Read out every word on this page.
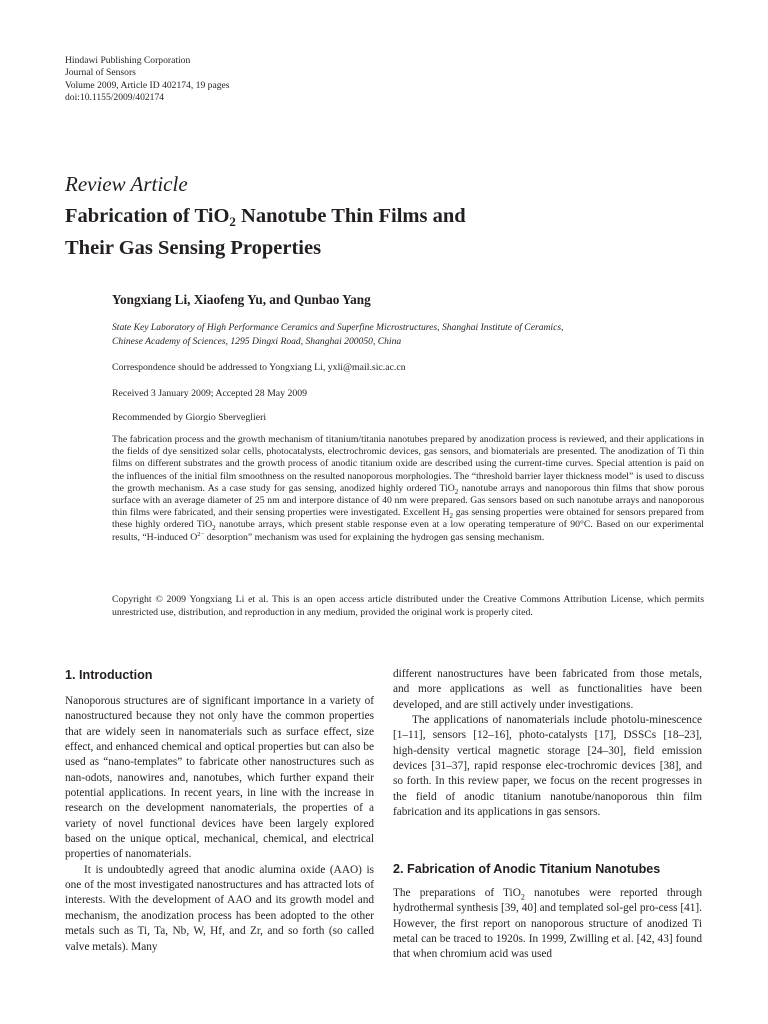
Hindawi Publishing Corporation
Journal of Sensors
Volume 2009, Article ID 402174, 19 pages
doi:10.1155/2009/402174
Review Article
Fabrication of TiO$_2$ Nanotube Thin Films and
Their Gas Sensing Properties
Yongxiang Li, Xiaofeng Yu, and Qunbao Yang
State Key Laboratory of High Performance Ceramics and Superfine Microstructures, Shanghai Institute of Ceramics,
Chinese Academy of Sciences, 1295 Dingxi Road, Shanghai 200050, China
Correspondence should be addressed to Yongxiang Li, yxli@mail.sic.ac.cn
Received 3 January 2009; Accepted 28 May 2009
Recommended by Giorgio Sberveglieri
The fabrication process and the growth mechanism of titanium/titania nanotubes prepared by anodization process is reviewed, and their applications in the fields of dye sensitized solar cells, photocatalysts, electrochromic devices, gas sensors, and biomaterials are presented. The anodization of Ti thin films on different substrates and the growth process of anodic titanium oxide are described using the current-time curves. Special attention is paid on the influences of the initial film smoothness on the resulted nanoporous morphologies. The “threshold barrier layer thickness model” is used to discuss the growth mechanism. As a case study for gas sensing, anodized highly ordered TiO$_2$ nanotube arrays and nanoporous thin films that show porous surface with an average diameter of 25 nm and interpore distance of 40 nm were prepared. Gas sensors based on such nanotube arrays and nanoporous thin films were fabricated, and their sensing properties were investigated. Excellent $H_2$ gas sensing properties were obtained for sensors prepared from these highly ordered TiO$_2$ nanotube arrays, which present stable response even at a low operating temperature of 90°C. Based on our experimental results, “H-induced $O^{2-}$ desorption” mechanism was used for explaining the hydrogen gas sensing mechanism.
Copyright © 2009 Yongxiang Li et al. This is an open access article distributed under the Creative Commons Attribution License, which permits unrestricted use, distribution, and reproduction in any medium, provided the original work is properly cited.
1. Introduction

Nanoporous structures are of significant importance in a variety of nanostructured because they not only have the common properties that are widely seen in nanomaterials such as surface effect, size effect, and enhanced chemical and optical properties but can also be used as “nano-templates” to fabricate other nanostructures such as nan-odots, nanowires and, nanotubes, which further expand their potential applications. In recent years, in line with the increase in research on the development nanomaterials, the properties of a variety of novel functional devices have been largely explored based on the unique optical, mechanical, chemical, and electrical properties of nanomaterials.

It is undoubtedly agreed that anodic alumina oxide (AAO) is one of the most investigated nanostructures and has attracted lots of interests. With the development of AAO and its growth model and mechanism, the anodization process has been adopted to the other metals such as Ti, Ta, Nb, W, Hf, and Zr, and so forth (so called valve metals). Many

different nanostructures have been fabricated from those metals, and more applications as well as functionalities have been developed, and are still actively under investigations.

The applications of nanomaterials include photolu-minescence [1–11], sensors [12–16], photo-catalysts [17], DSSCs [18–23], high-density vertical magnetic storage [24–30], field emission devices [31–37], rapid response elec-trochromic devices [38], and so forth. In this review paper, we focus on the recent progresses in the field of anodic titanium nanotube/nanoporous thin film fabrication and its applications in gas sensors.

2. Fabrication of Anodic Titanium Nanotubes

The preparations of TiO$_2$ nanotubes were reported through hydrothermal synthesis [39, 40] and templated sol-gel pro-cess [41]. However, the first report on nanoporous structure of anodized Ti metal can be traced to 1920s. In 1999, Zwilling et al. [42, 43] found that when chromium acid was used
